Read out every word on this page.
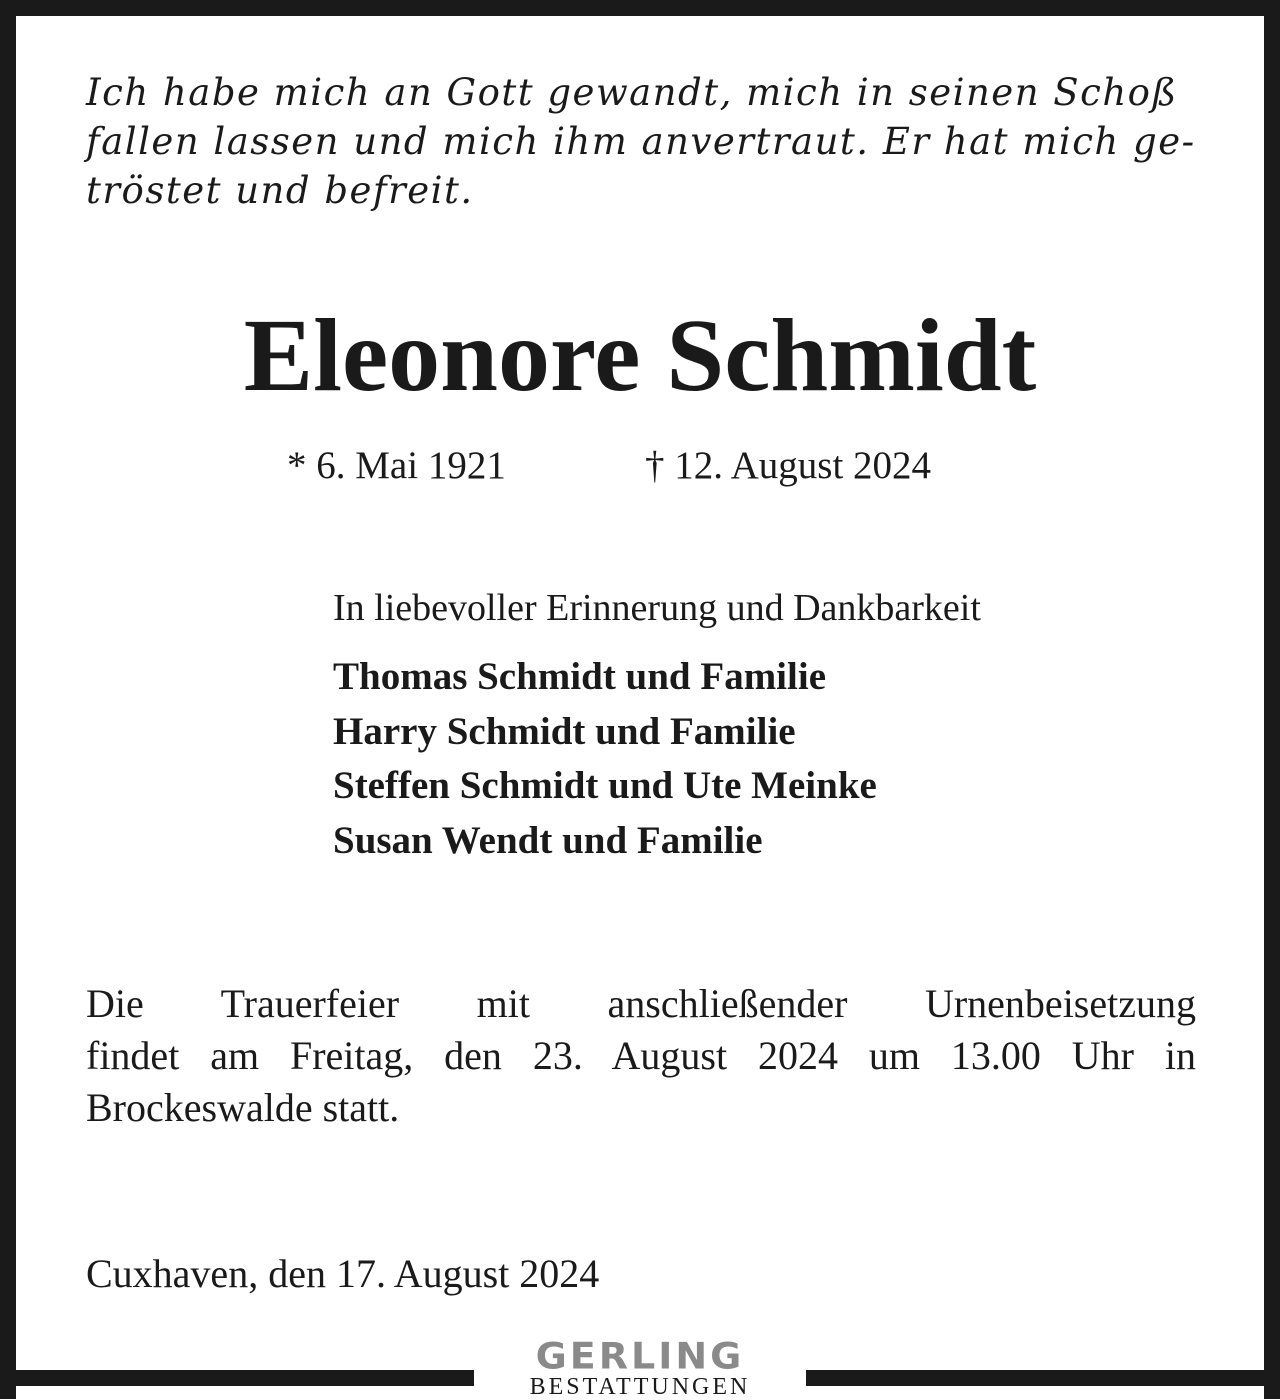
Ich habe mich an Gott gewandt, mich in seinen Schoß
fallen lassen und mich ihm anvertraut. Er hat mich ge-
tröstet und befreit.

Eleonore Schmidt
* 6. Mai 1921	† 12. August 2024
In liebevoller Erinnerung und Dankbarkeit
Thomas Schmidt und Familie
Harry Schmidt und Familie
Steffen Schmidt und Ute Meinke
Susan Wendt und Familie

Die Trauerfeier mit anschließender Urnenbeisetzung
findet am Freitag, den 23. August 2024 um 13.00 Uhr in
Brockeswalde statt.

Cuxhaven, den 17. August 2024
GERLING
BESTATTUNGEN
